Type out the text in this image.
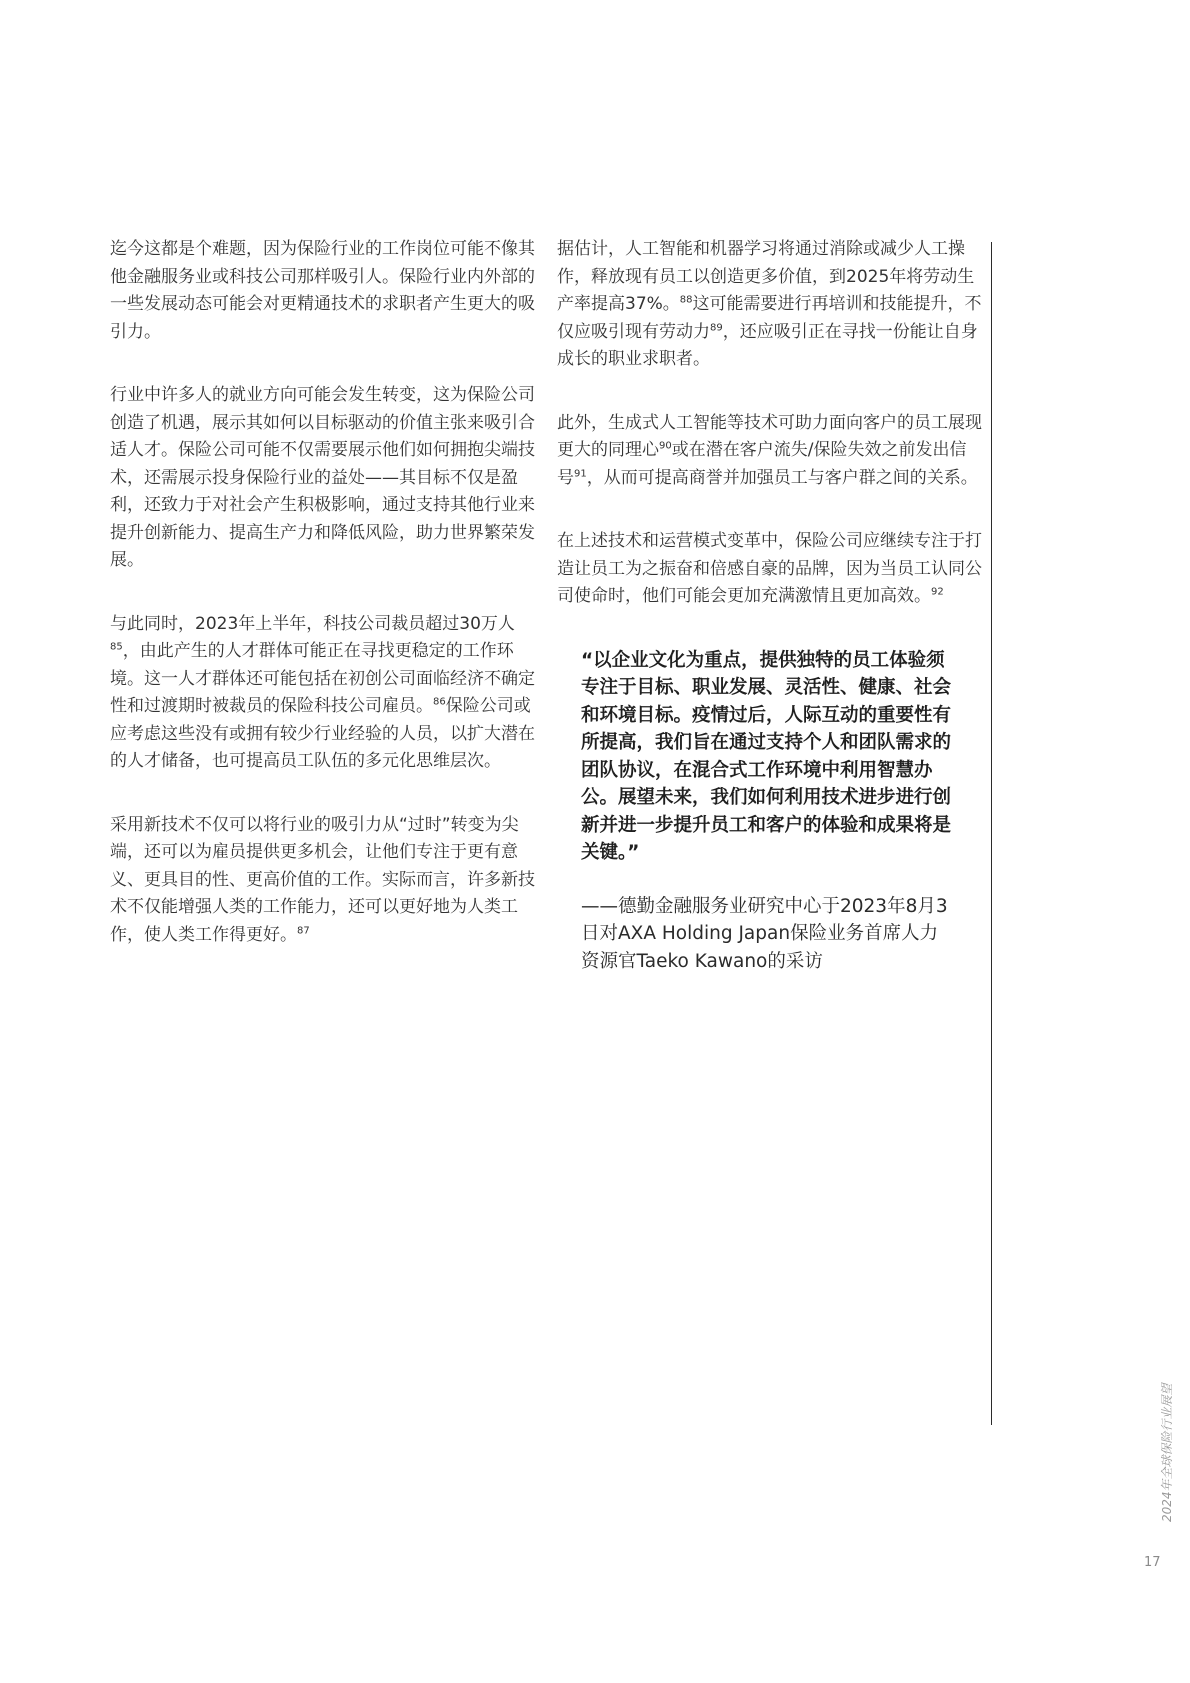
迄今这都是个难题，因为保险行业的工作岗位可能不像其他金融服务业或科技公司那样吸引人。保险行业内外部的一些发展动态可能会对更精通技术的求职者产生更大的吸引力。

行业中许多人的就业方向可能会发生转变，这为保险公司创造了机遇，展示其如何以目标驱动的价值主张来吸引合适人才。保险公司可能不仅需要展示他们如何拥抱尖端技术，还需展示投身保险行业的益处——其目标不仅是盈利，还致力于对社会产生积极影响，通过支持其他行业来提升创新能力、提高生产力和降低风险，助力世界繁荣发展。

与此同时，2023年上半年，科技公司裁员超过30万人$^{85}$，由此产生的人才群体可能正在寻找更稳定的工作环境。这一人才群体还可能包括在初创公司面临经济不确定性和过渡期时被裁员的保险科技公司雇员。$^{86}$保险公司或应考虑这些没有或拥有较少行业经验的人员，以扩大潜在的人才储备，也可提高员工队伍的多元化思维层次。

采用新技术不仅可以将行业的吸引力从“过时”转变为尖端，还可以为雇员提供更多机会，让他们专注于更有意义、更具目的性、更高价值的工作。实际而言，许多新技术不仅能增强人类的工作能力，还可以更好地为人类工作，使人类工作得更好。$^{87}$

据估计，人工智能和机器学习将通过消除或减少人工操作，释放现有员工以创造更多价值，到2025年将劳动生产率提高37%。$^{88}$这可能需要进行再培训和技能提升，不仅应吸引现有劳动力$^{89}$，还应吸引正在寻找一份能让自身成长的职业求职者。

此外，生成式人工智能等技术可助力面向客户的员工展现更大的同理心$^{90}$或在潜在客户流失/保险失效之前发出信号$^{91}$，从而可提高商誉并加强员工与客户群之间的关系。

在上述技术和运营模式变革中，保险公司应继续专注于打造让员工为之振奋和倍感自豪的品牌，因为当员工认同公司使命时，他们可能会更加充满激情且更加高效。$^{92}$

“以企业文化为重点，提供独特的员工体验须专注于目标、职业发展、灵活性、健康、社会和环境目标。疫情过后，人际互动的重要性有所提高，我们旨在通过支持个人和团队需求的团队协议，在混合式工作环境中利用智慧办公。展望未来，我们如何利用技术进步进行创新并进一步提升员工和客户的体验和成果将是关键。”

——德勤金融服务业研究中心于2023年8月3日对AXA Holding Japan保险业务首席人力资源官Taeko Kawano的采访

2024年全球保险行业展望
17
